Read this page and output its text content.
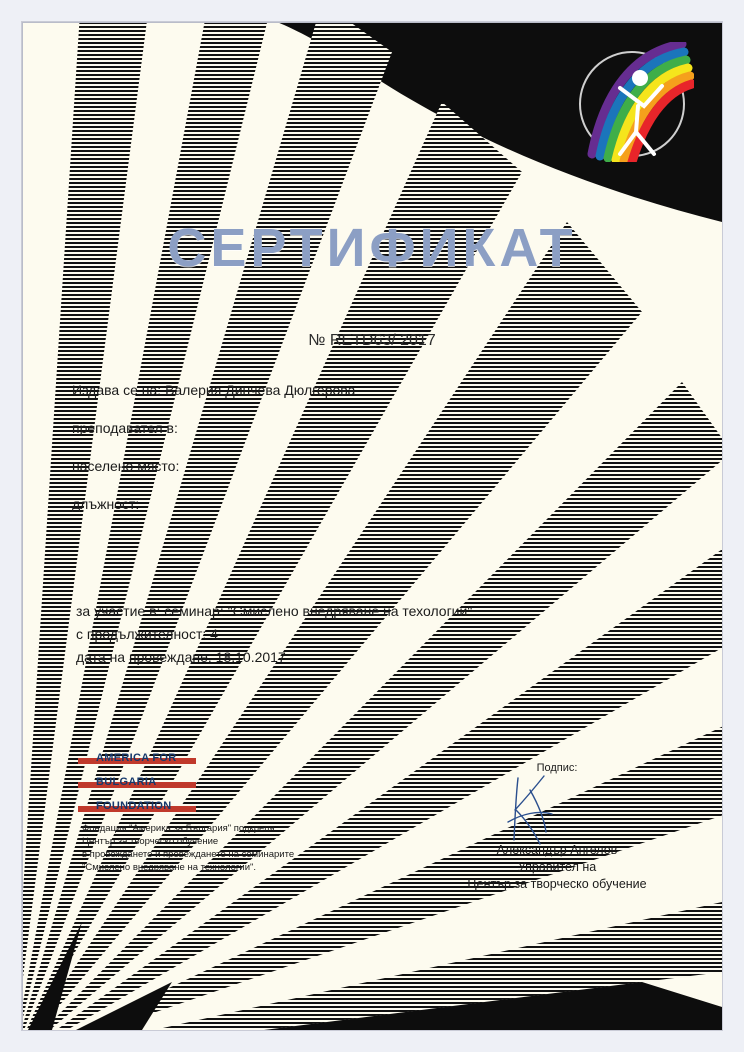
СЕРТИФИКАТ
№ RETD63/ 2017
Издава се на: Валерия Динчева Дюлгерова
преподавател в:
населено място:
длъжност:
за участие в: семинар: "Смислено внедряване на техологии"
с продължителност: 4
дата на провеждане: 18.10.2017
AMERICA FOR
BULGARIA
FOUNDATION
Фондация "Америка за България" подкрепя
Център за творческо обучение
в провеждането и провеждането на семинарите
"Смислено внедряване на технологии".
Подпис:
Александър Ангелов
Управител на
Център за творческо обучение
